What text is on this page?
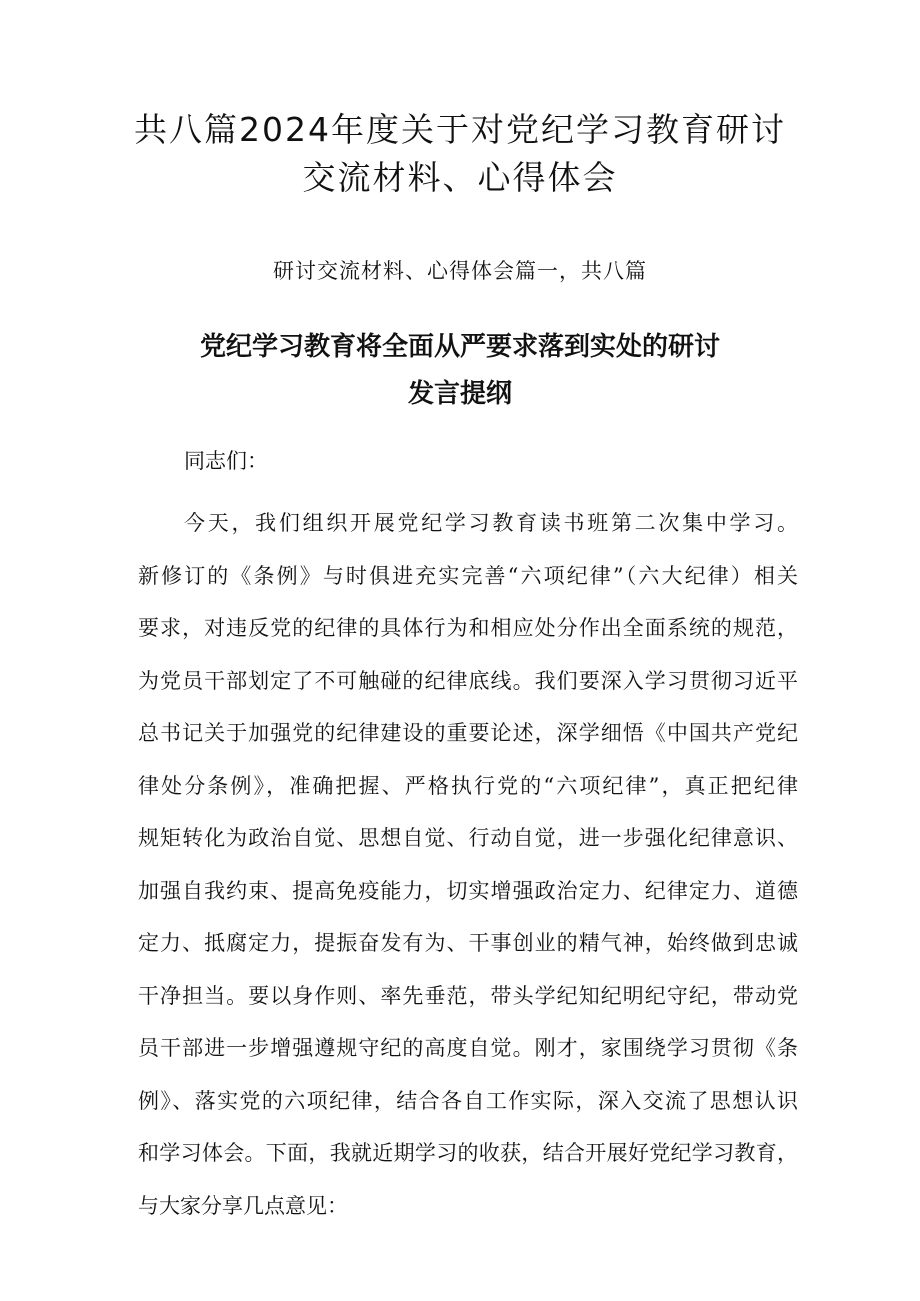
共八篇2024年度关于对党纪学习教育研讨
交流材料、心得体会
研讨交流材料、心得体会篇一，共八篇
党纪学习教育将全面从严要求落到实处的研讨
发言提纲
同志们：
今天，我们组织开展党纪学习教育读书班第二次集中学习。
新修订的《条例》与时俱进充实完善“六项纪律”（六大纪律）相关
要求，对违反党的纪律的具体行为和相应处分作出全面系统的规范，
为党员干部划定了不可触碰的纪律底线。我们要深入学习贯彻习近平
总书记关于加强党的纪律建设的重要论述，深学细悟《中国共产党纪
律处分条例》，准确把握、严格执行党的“六项纪律”，真正把纪律
规矩转化为政治自觉、思想自觉、行动自觉，进一步强化纪律意识、
加强自我约束、提高免疫能力，切实增强政治定力、纪律定力、道德
定力、抵腐定力，提振奋发有为、干事创业的精气神，始终做到忠诚
干净担当。要以身作则、率先垂范，带头学纪知纪明纪守纪，带动党
员干部进一步增强遵规守纪的高度自觉。刚才，家围绕学习贯彻《条
例》、落实党的六项纪律，结合各自工作实际，深入交流了思想认识
和学习体会。下面，我就近期学习的收获，结合开展好党纪学习教育，
与大家分享几点意见：
